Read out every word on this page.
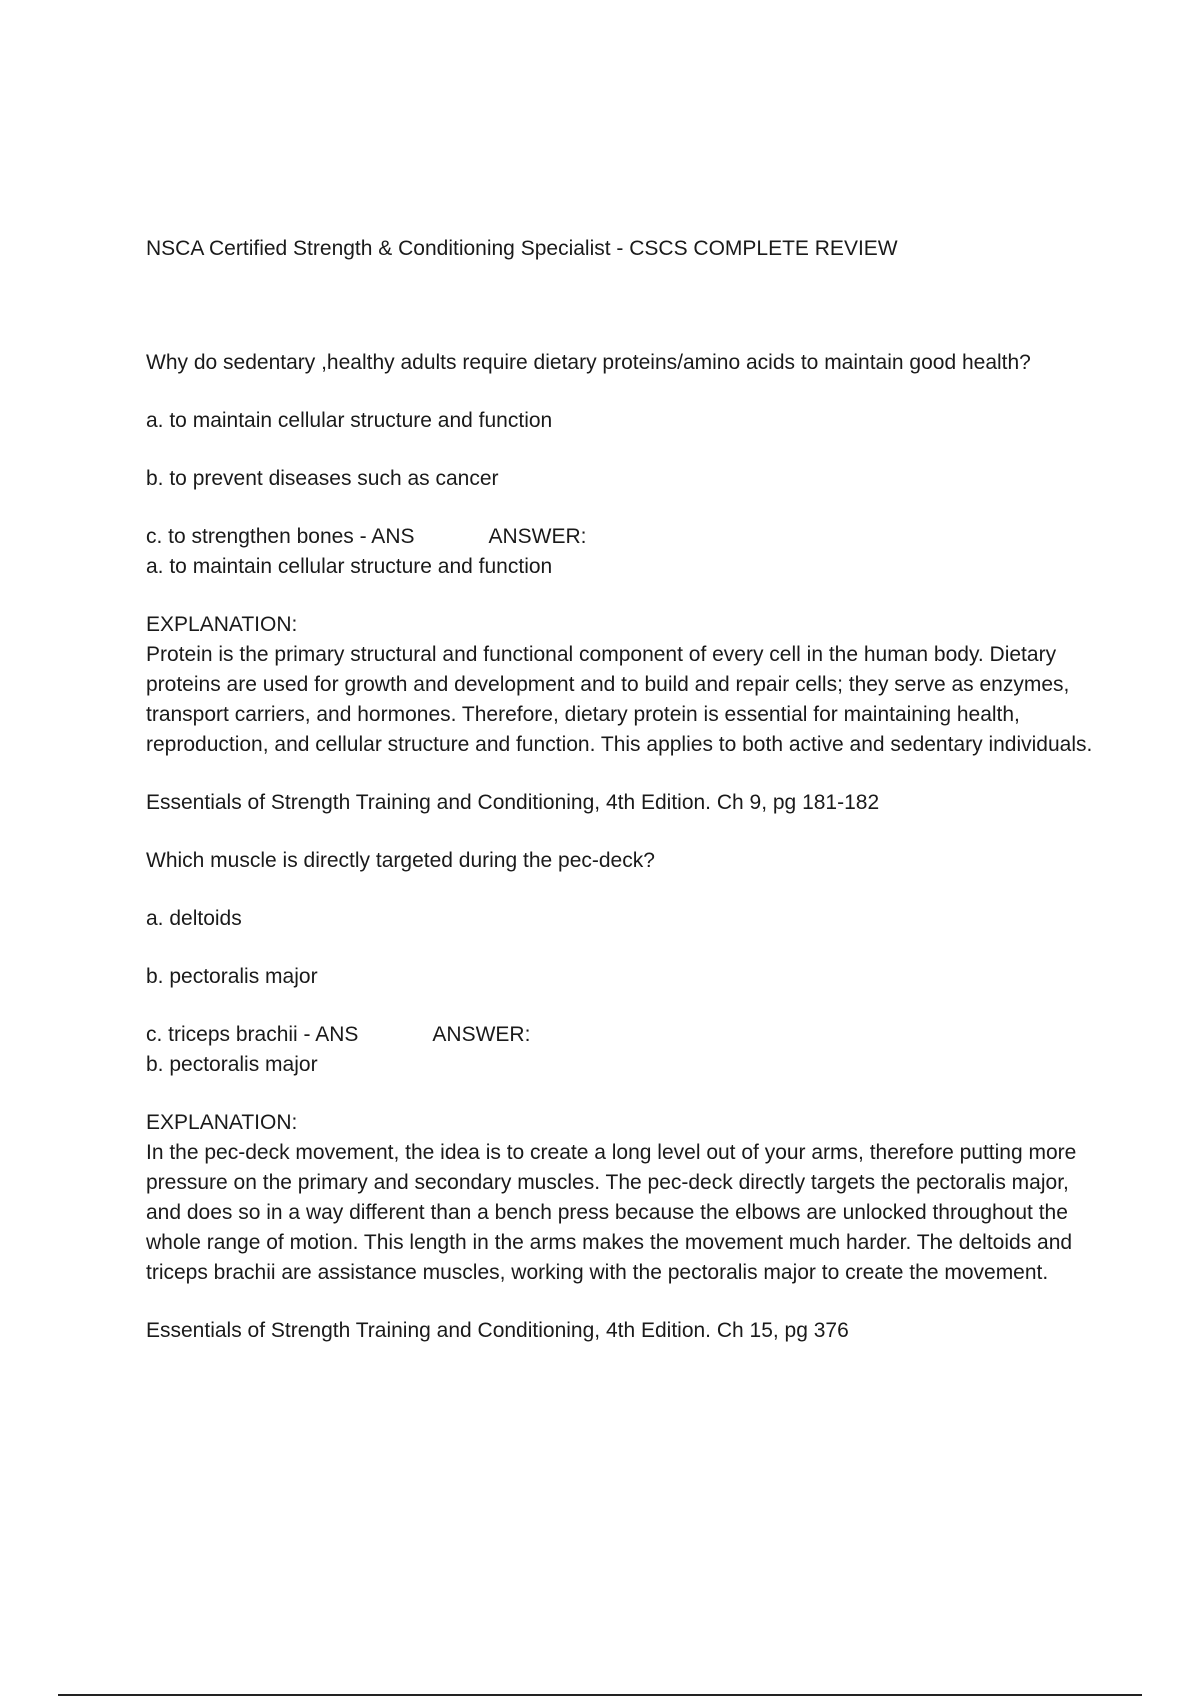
NSCA Certified Strength & Conditioning Specialist - CSCS COMPLETE REVIEW

Why do sedentary ,healthy adults require dietary proteins/amino acids to maintain good health?

a. to maintain cellular structure and function

b. to prevent diseases such as cancer

c. to strengthen bones - ANS	ANSWER:

a. to maintain cellular structure and function

EXPLANATION:

Protein is the primary structural and functional component of every cell in the human body. Dietary proteins are used for growth and development and to build and repair cells; they serve as enzymes, transport carriers, and hormones. Therefore, dietary protein is essential for maintaining health, reproduction, and cellular structure and function. This applies to both active and sedentary individuals.

Essentials of Strength Training and Conditioning, 4th Edition. Ch 9, pg 181-182

Which muscle is directly targeted during the pec-deck?

a. deltoids

b. pectoralis major

c. triceps brachii - ANS	ANSWER:

b. pectoralis major

EXPLANATION:

In the pec-deck movement, the idea is to create a long level out of your arms, therefore putting more pressure on the primary and secondary muscles. The pec-deck directly targets the pectoralis major, and does so in a way different than a bench press because the elbows are unlocked throughout the whole range of motion. This length in the arms makes the movement much harder. The deltoids and triceps brachii are assistance muscles, working with the pectoralis major to create the movement.

Essentials of Strength Training and Conditioning, 4th Edition. Ch 15, pg 376
